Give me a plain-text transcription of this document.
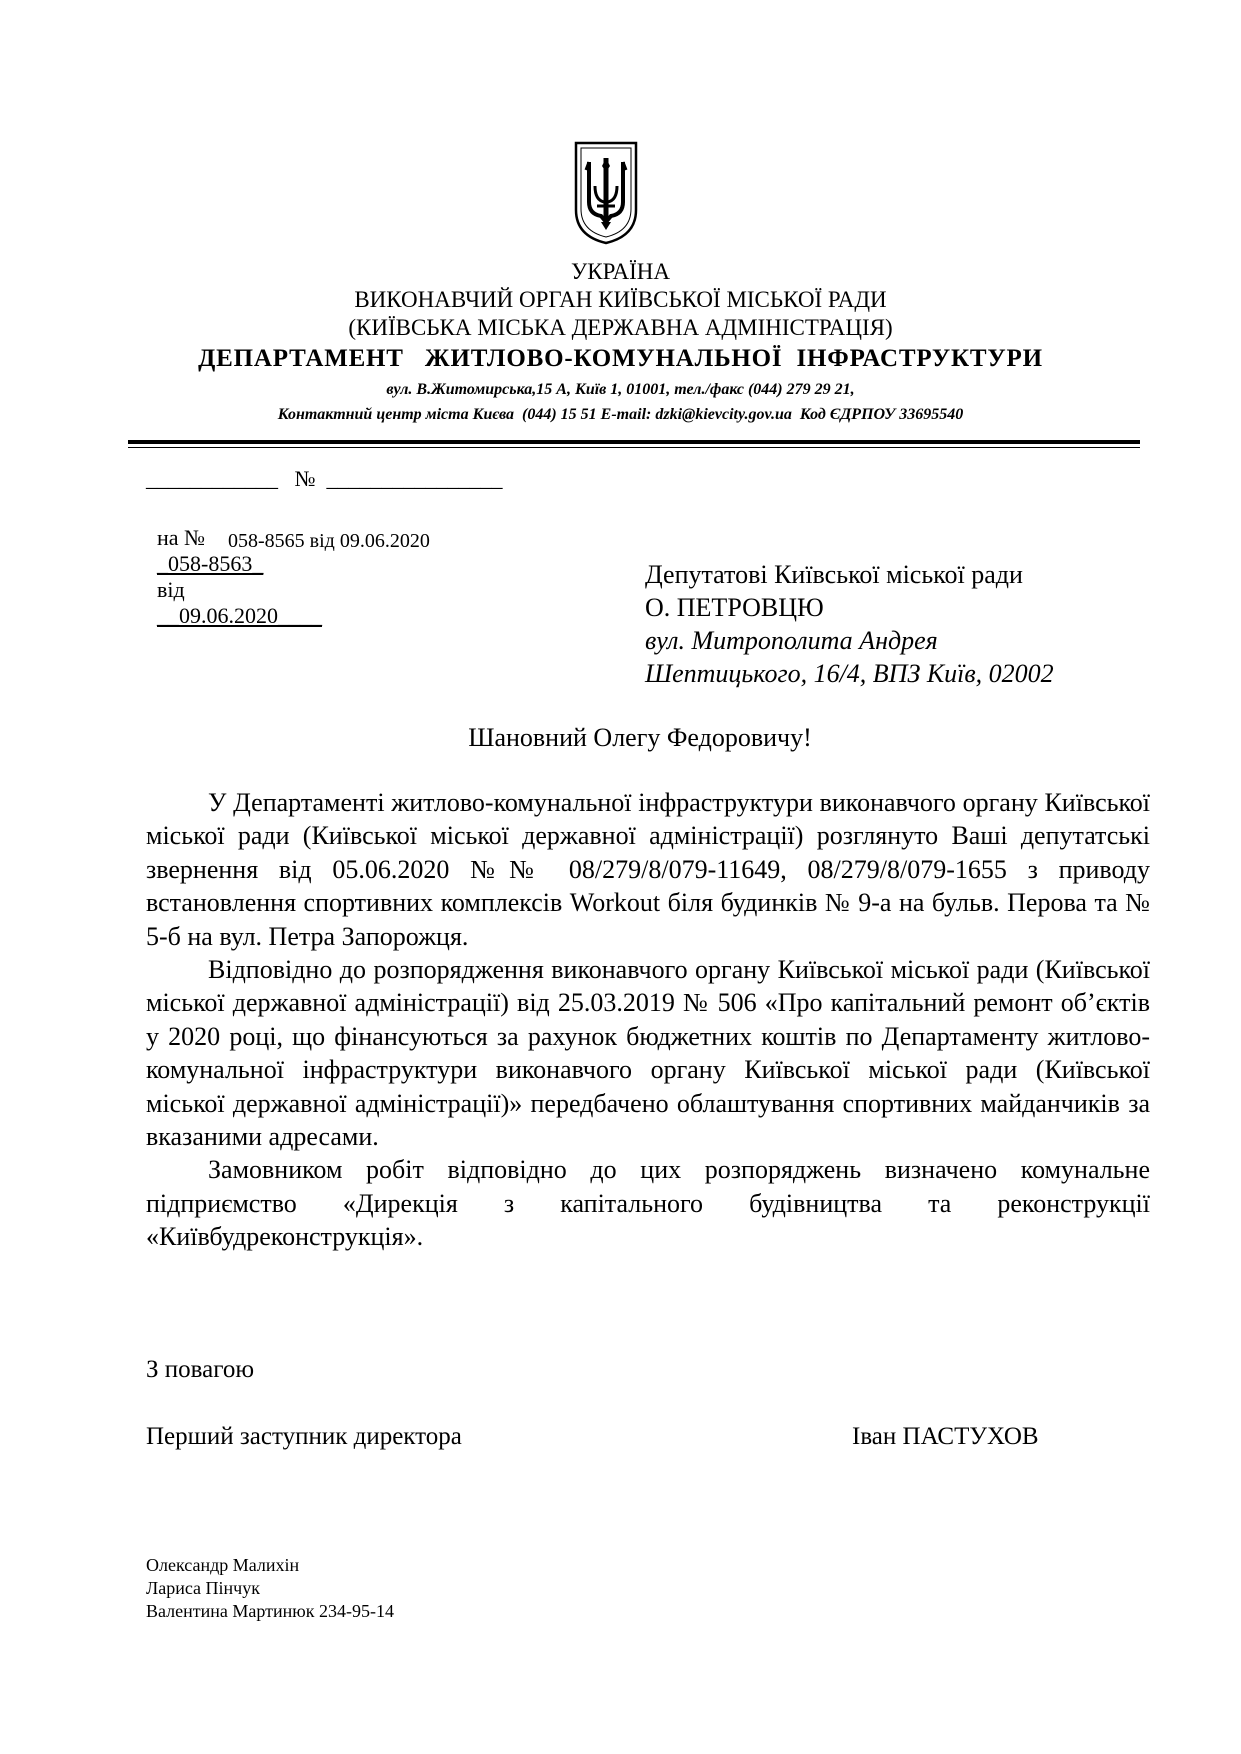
УКРАЇНА
ВИКОНАВЧИЙ ОРГАН КИЇВСЬКОЇ МІСЬКОЇ РАДИ
(КИЇВСЬКА МІСЬКА ДЕРЖАВНА АДМІНІСТРАЦІЯ)
ДЕПАРТАМЕНТ   ЖИТЛОВО-КОМУНАЛЬНОЇ  ІНФРАСТРУКТУРИ
вул. В.Житомирська,15 А, Київ 1, 01001, тел./факс (044) 279 29 21,
Контактний центр міста Києва  (044) 15 51 E-mail: dzki@kievcity.gov.ua  Код ЄДРПОУ 33695540
____________   №  ________________

на №
_058-8563_
від
__09.06.2020____

058-8565 від 09.06.2020
Депутатові Київської міської ради
О. ПЕТРОВЦЮ
вул. Митрополита Андрея
Шептицького, 16/4, ВПЗ Київ, 02002
Шановний Олегу Федоровичу!

У Департаменті житлово-комунальної інфраструктури виконавчого органу Київської міської ради (Київської міської державної адміністрації) розглянуто Ваші депутатські звернення від 05.06.2020 №№ 08/279/8/079-11649, 08/279/8/079-1655 з приводу встановлення спортивних комплексів Workout біля будинків № 9-а на бульв. Перова та № 5-б на вул. Петра Запорожця.

Відповідно до розпорядження виконавчого органу Київської міської ради (Київської міської державної адміністрації) від 25.03.2019 № 506 «Про капітальний ремонт об’єктів у 2020 році, що фінансуються за рахунок бюджетних коштів по Департаменту житлово-комунальної інфраструктури виконавчого органу Київської міської ради (Київської міської державної адміністрації)» передбачено облаштування спортивних майданчиків за вказаними адресами.

Замовником робіт відповідно до цих розпоряджень визначено комунальне підприємство «Дирекція з капітального будівництва та реконструкції «Київбудреконструкція».

З повагою
Перший заступник директора	Іван ПАСТУХОВ
Олександр Малихін
Лариса Пінчук
Валентина Мартинюк 234-95-14
